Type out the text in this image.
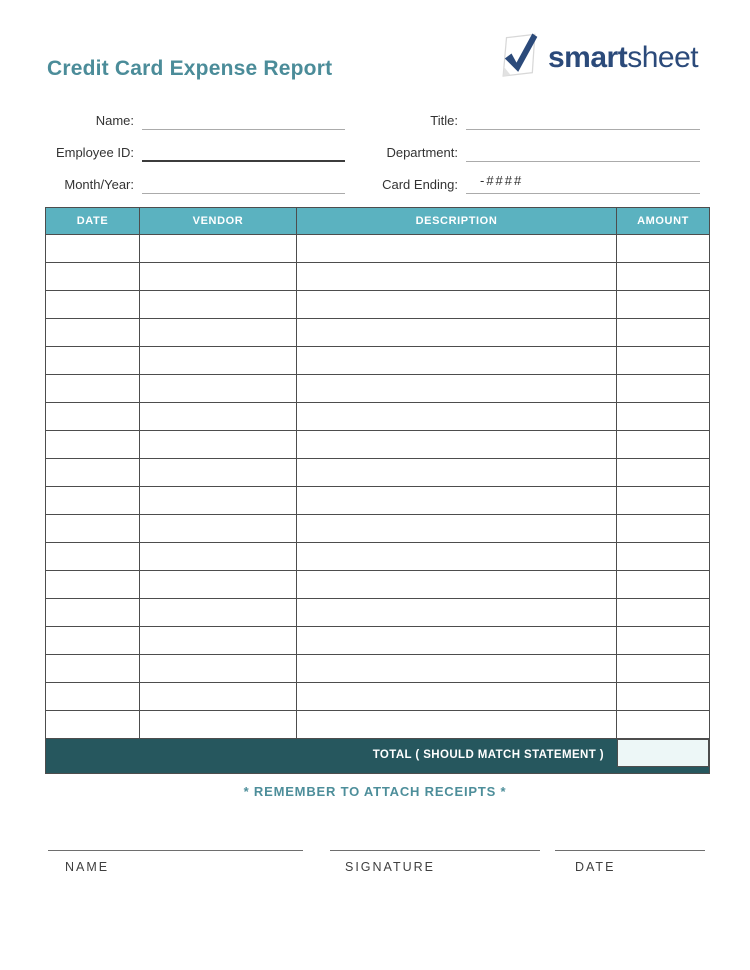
Credit Card Expense Report	smartsheet
Name:	Title:
Employee ID:	Department:
Month/Year:	Card Ending:	-####
DATE	VENDOR	DESCRIPTION	AMOUNT
TOTAL ( SHOULD MATCH STATEMENT )
* REMEMBER TO ATTACH RECEIPTS *
NAME	SIGNATURE	DATE
